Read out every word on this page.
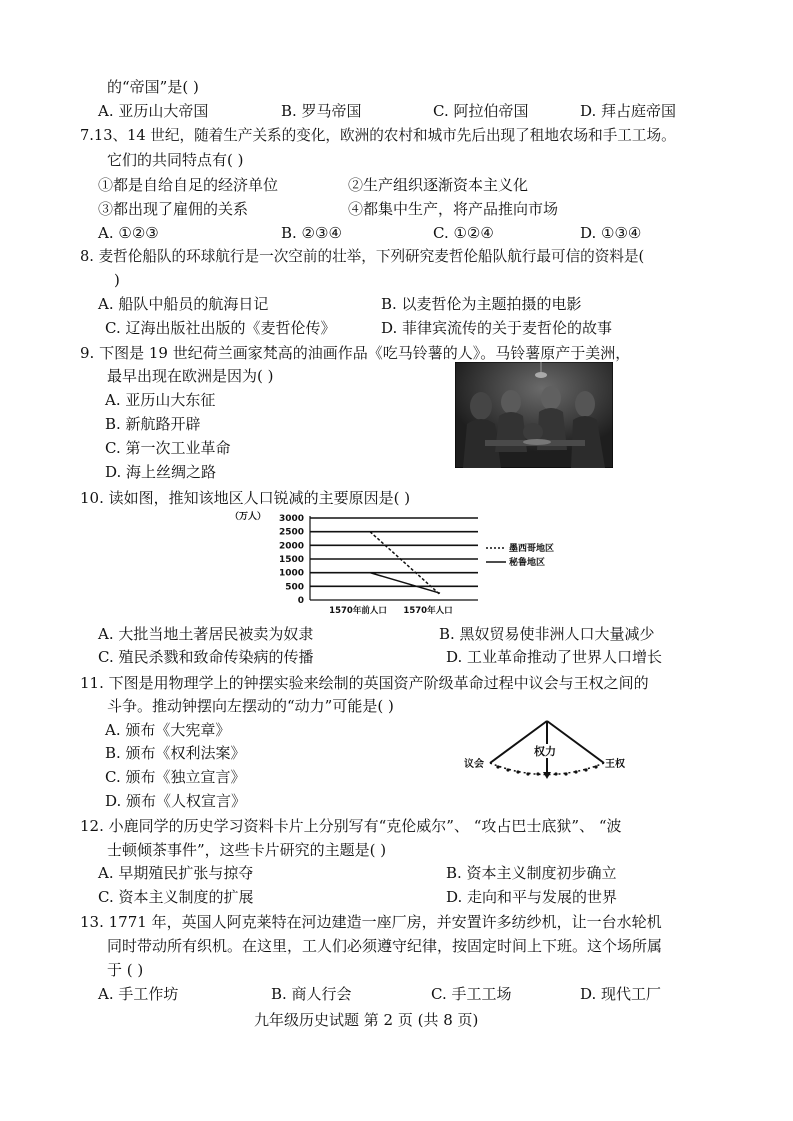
的“帝国”是( )
A. 亚历山大帝国	B. 罗马帝国	C. 阿拉伯帝国	D. 拜占庭帝国
7.13、14 世纪，随着生产关系的变化，欧洲的农村和城市先后出现了租地农场和手工工场。
它们的共同特点有( )
①都是自给自足的经济单位	②生产组织逐渐资本主义化
③都出现了雇佣的关系	④都集中生产，将产品推向市场
A. ①②③	B. ②③④	C. ①②④	D. ①③④
8. 麦哲伦船队的环球航行是一次空前的壮举，下列研究麦哲伦船队航行最可信的资料是(
)
A. 船队中船员的航海日记	B. 以麦哲伦为主题拍摄的电影
C. 辽海出版社出版的《麦哲伦传》	D. 菲律宾流传的关于麦哲伦的故事
9. 下图是 19 世纪荷兰画家梵高的油画作品《吃马铃薯的人》。马铃薯原产于美洲，
最早出现在欧洲是因为( )
A. 亚历山大东征
B. 新航路开辟
C. 第一次工业革命
D. 海上丝绸之路
10. 读如图，推知该地区人口锐减的主要原因是( )
（万人）
0
500
1000
1500
2000
2500
3000
1570年前人口 1570年人口
墨西哥地区
秘鲁地区
A. 大批当地土著居民被卖为奴隶	B. 黑奴贸易使非洲人口大量减少
C. 殖民杀戮和致命传染病的传播	D. 工业革命推动了世界人口增长
11. 下图是用物理学上的钟摆实验来绘制的英国资产阶级革命过程中议会与王权之间的
斗争。推动钟摆向左摆动的“动力”可能是( )
A. 颁布《大宪章》
B. 颁布《权利法案》
C. 颁布《独立宣言》
D. 颁布《人权宣言》
权力
议会	王权
12. 小鹿同学的历史学习资料卡片上分别写有“克伦威尔”、 “攻占巴士底狱”、 “波
士顿倾茶事件”，这些卡片研究的主题是( )
A. 早期殖民扩张与掠夺	B. 资本主义制度初步确立
C. 资本主义制度的扩展	D. 走向和平与发展的世界
13. 1771 年，英国人阿克莱特在河边建造一座厂房，并安置许多纺纱机，让一台水轮机
同时带动所有织机。在这里，工人们必须遵守纪律，按固定时间上下班。这个场所属
于 ( )
A. 手工作坊	B. 商人行会	C. 手工工场	D. 现代工厂
九年级历史试题 第 2 页 (共 8 页)
